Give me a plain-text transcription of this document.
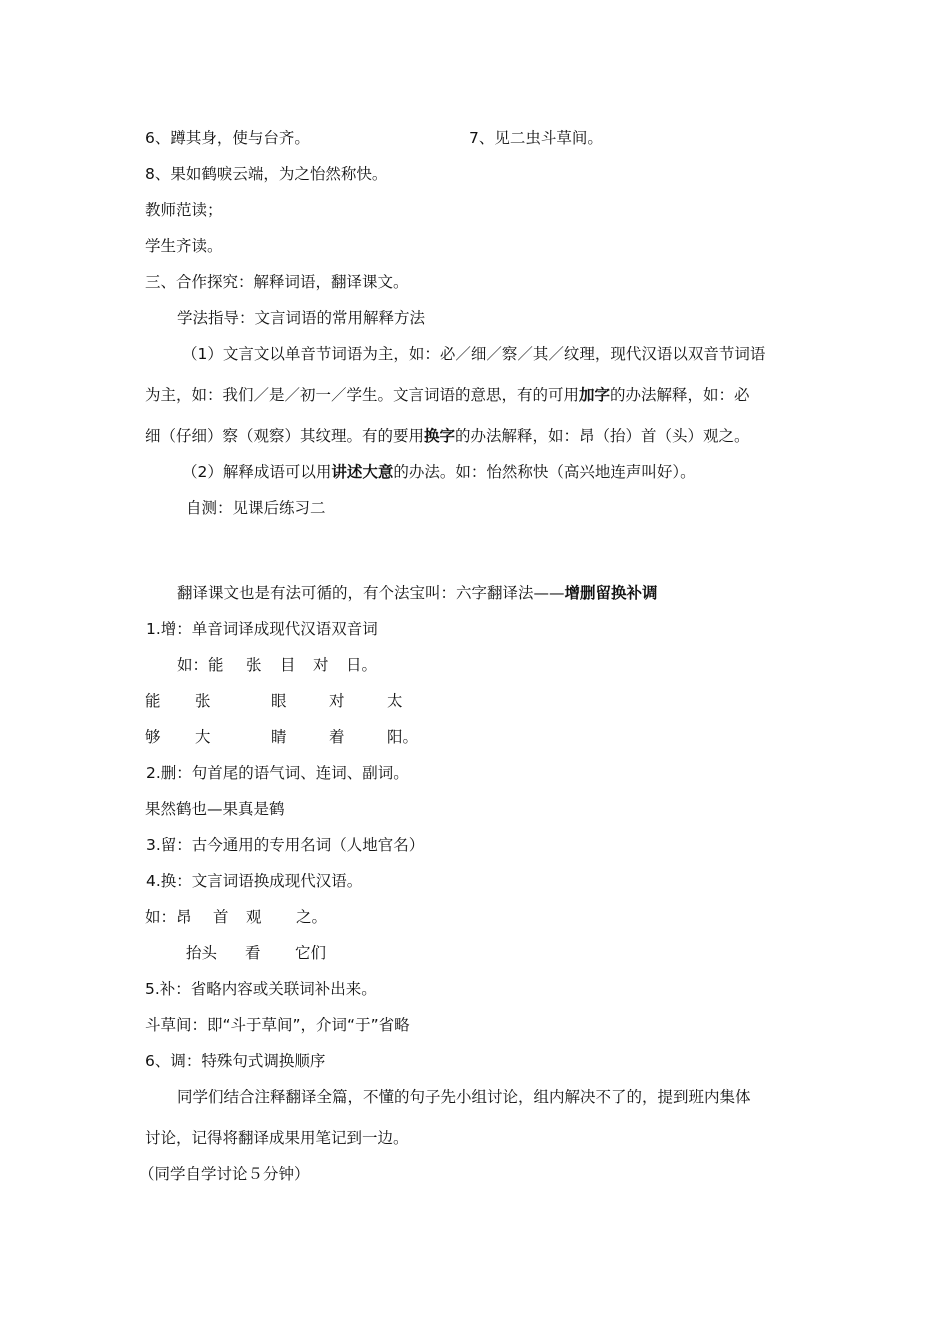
6、蹲其身，使与台齐。	7、见二虫斗草间。
8、果如鹤唳云端，为之怡然称快。
教师范读；
学生齐读。
三、合作探究：解释词语，翻译课文。
学法指导：文言词语的常用解释方法
（1）文言文以单音节词语为主，如：必／细／察／其／纹理，现代汉语以双音节词语
为主，如：我们／是／初一／学生。文言词语的意思，有的可用加字的办法解释，如：必
细（仔细）察（观察）其纹理。有的要用换字的办法解释，如：昂（抬）首（头）观之。
（2）解释成语可以用讲述大意的办法。如：怡然称快（高兴地连声叫好）。
自测：见课后练习二
翻译课文也是有法可循的，有个法宝叫：六字翻译法——增删留换补调
1.增：单音词译成现代汉语双音词
如：能 张 目 对 日。
能 张	眼	对	太
够 大	睛	着	阳。
2.删：句首尾的语气词、连词、副词。
果然鹤也—果真是鹤
3.留：古今通用的专用名词（人地官名）
4.换：文言词语换成现代汉语。
如：昂 首 观 之。
抬头 看 它们
5.补：省略内容或关联词补出来。
斗草间：即“斗于草间”，介词“于”省略
6、调：特殊句式调换顺序
同学们结合注释翻译全篇，不懂的句子先小组讨论，组内解决不了的，提到班内集体
讨论，记得将翻译成果用笔记到一边。
（同学自学讨论５分钟）
